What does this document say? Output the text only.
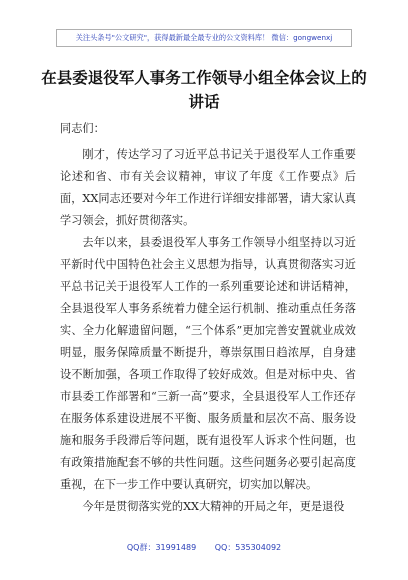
关注头条号"公文研究"，获得最新最全最专业的公文资料库！ 微信：gongwenxj
在县委退役军人事务工作领导小组全体会议上的讲话

同志们：

刚才，传达学习了习近平总书记关于退役军人工作重要论述和省、市有关会议精神，审议了年度《工作要点》后面，XX同志还要对今年工作进行详细安排部署，请大家认真学习领会，抓好贯彻落实。

去年以来，县委退役军人事务工作领导小组坚持以习近平新时代中国特色社会主义思想为指导，认真贯彻落实习近平总书记关于退役军人工作的一系列重要论述和讲话精神，全县退役军人事务系统着力健全运行机制、推动重点任务落实、全力化解遗留问题，“三个体系”更加完善安置就业成效明显，服务保障质量不断提升，尊崇氛围日趋浓厚，自身建设不断加强，各项工作取得了较好成效。但是对标中央、省市县委工作部署和“三新一高”要求，全县退役军人工作还存在服务体系建设进展不平衡、服务质量和层次不高、服务设施和服务手段滞后等问题，既有退役军人诉求个性问题，也有政策措施配套不够的共性问题。这些问题务必要引起高度重视，在下一步工作中要认真研究，切实加以解决。

今年是贯彻落实党的XX大精神的开局之年，更是退役

QQ群：31991489 QQ：535304092
